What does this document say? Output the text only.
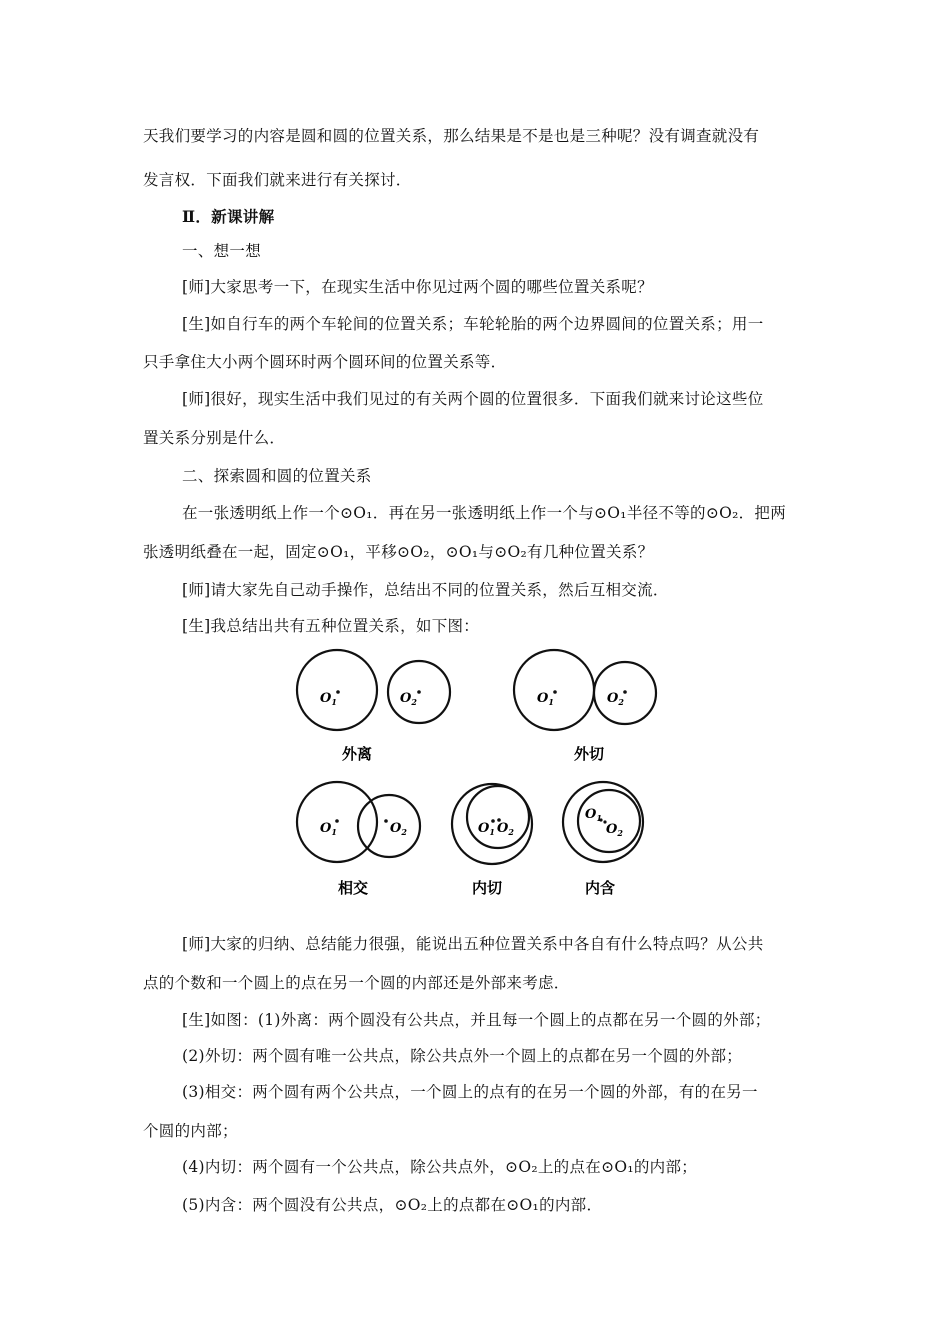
天我们要学习的内容是圆和圆的位置关系，那么结果是不是也是三种呢？没有调查就没有
发言权．下面我们就来进行有关探讨．
Ⅱ．新课讲解
一、想一想
[师]大家思考一下，在现实生活中你见过两个圆的哪些位置关系呢？
[生]如自行车的两个车轮间的位置关系；车轮轮胎的两个边界圆间的位置关系；用一
只手拿住大小两个圆环时两个圆环间的位置关系等．
[师]很好，现实生活中我们见过的有关两个圆的位置很多．下面我们就来讨论这些位
置关系分别是什么．
二、探索圆和圆的位置关系
在一张透明纸上作一个⊙O₁．再在另一张透明纸上作一个与⊙O₁半径不等的⊙O₂．把两
张透明纸叠在一起，固定⊙O₁，平移⊙O₂，⊙O₁与⊙O₂有几种位置关系？
[师]请大家先自己动手操作，总结出不同的位置关系，然后互相交流．
[生]我总结出共有五种位置关系，如下图：
$O_1$	$O_2$
外离
$O_1$	$O_2$
外切
$O_1$	$O_2$
相交
$O_1$ $O_2$
内切
$O_1$
$O_2$
内含
[师]大家的归纳、总结能力很强，能说出五种位置关系中各自有什么特点吗？从公共
点的个数和一个圆上的点在另一个圆的内部还是外部来考虑．
[生]如图：(1)外离：两个圆没有公共点，并且每一个圆上的点都在另一个圆的外部；
(2)外切：两个圆有唯一公共点，除公共点外一个圆上的点都在另一个圆的外部；
(3)相交：两个圆有两个公共点，一个圆上的点有的在另一个圆的外部，有的在另一
个圆的内部；
(4)内切：两个圆有一个公共点，除公共点外，⊙O₂上的点在⊙O₁的内部；
(5)内含：两个圆没有公共点，⊙O₂上的点都在⊙O₁的内部．
